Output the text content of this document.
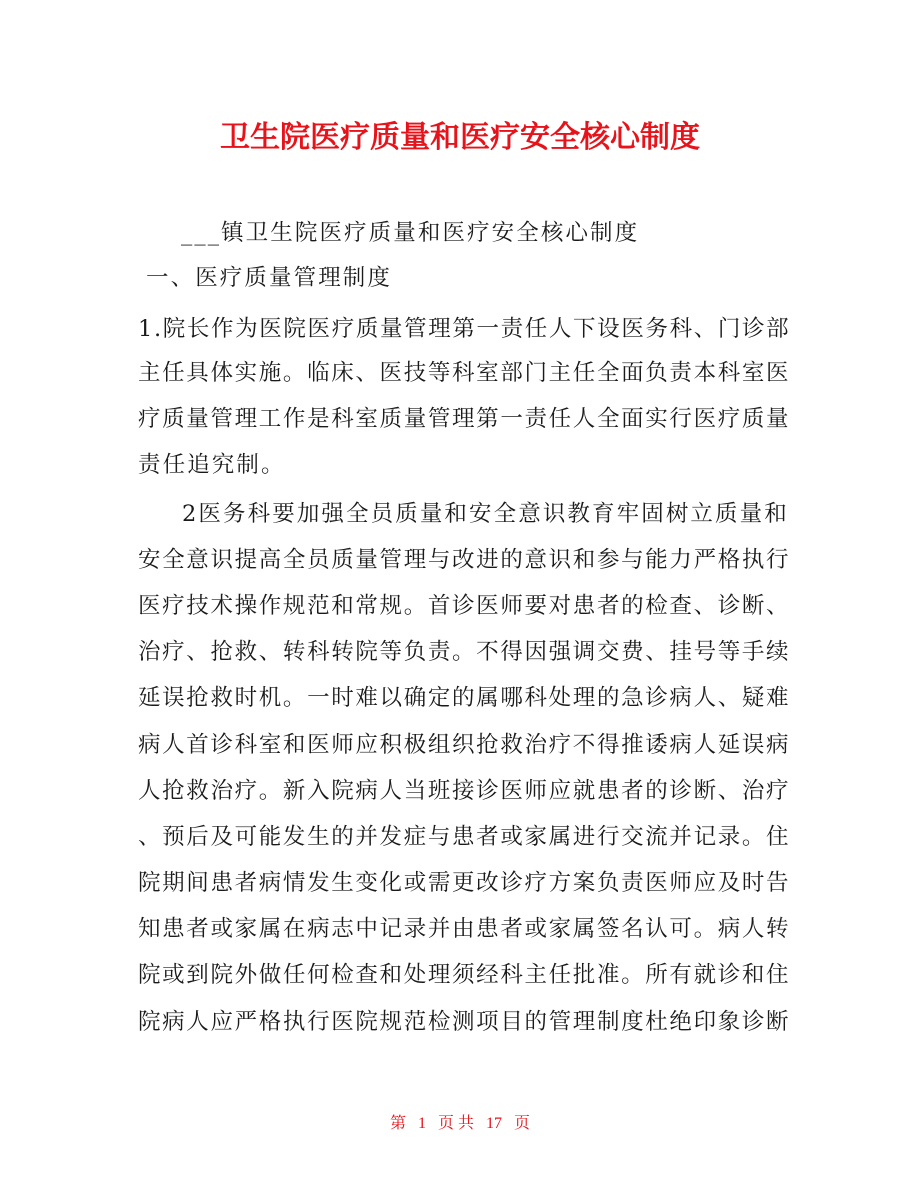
卫生院医疗质量和医疗安全核心制度
___镇卫生院医疗质量和医疗安全核心制度
一、医疗质量管理制度
1.院长作为医院医疗质量管理第一责任人下设医务科、门诊部
主任具体实施。临床、医技等科室部门主任全面负责本科室医
疗质量管理工作是科室质量管理第一责任人全面实行医疗质量
责任追究制。
2医务科要加强全员质量和安全意识教育牢固树立质量和
安全意识提高全员质量管理与改进的意识和参与能力严格执行
医疗技术操作规范和常规。首诊医师要对患者的检查、诊断、
治疗、抢救、转科转院等负责。不得因强调交费、挂号等手续
延误抢救时机。一时难以确定的属哪科处理的急诊病人、疑难
病人首诊科室和医师应积极组织抢救治疗不得推诿病人延误病
人抢救治疗。新入院病人当班接诊医师应就患者的诊断、治疗
、预后及可能发生的并发症与患者或家属进行交流并记录。住
院期间患者病情发生变化或需更改诊疗方案负责医师应及时告
知患者或家属在病志中记录并由患者或家属签名认可。病人转
院或到院外做任何检查和处理须经科主任批准。所有就诊和住
院病人应严格执行医院规范检测项目的管理制度杜绝印象诊断
第 1 页 共 17 页
